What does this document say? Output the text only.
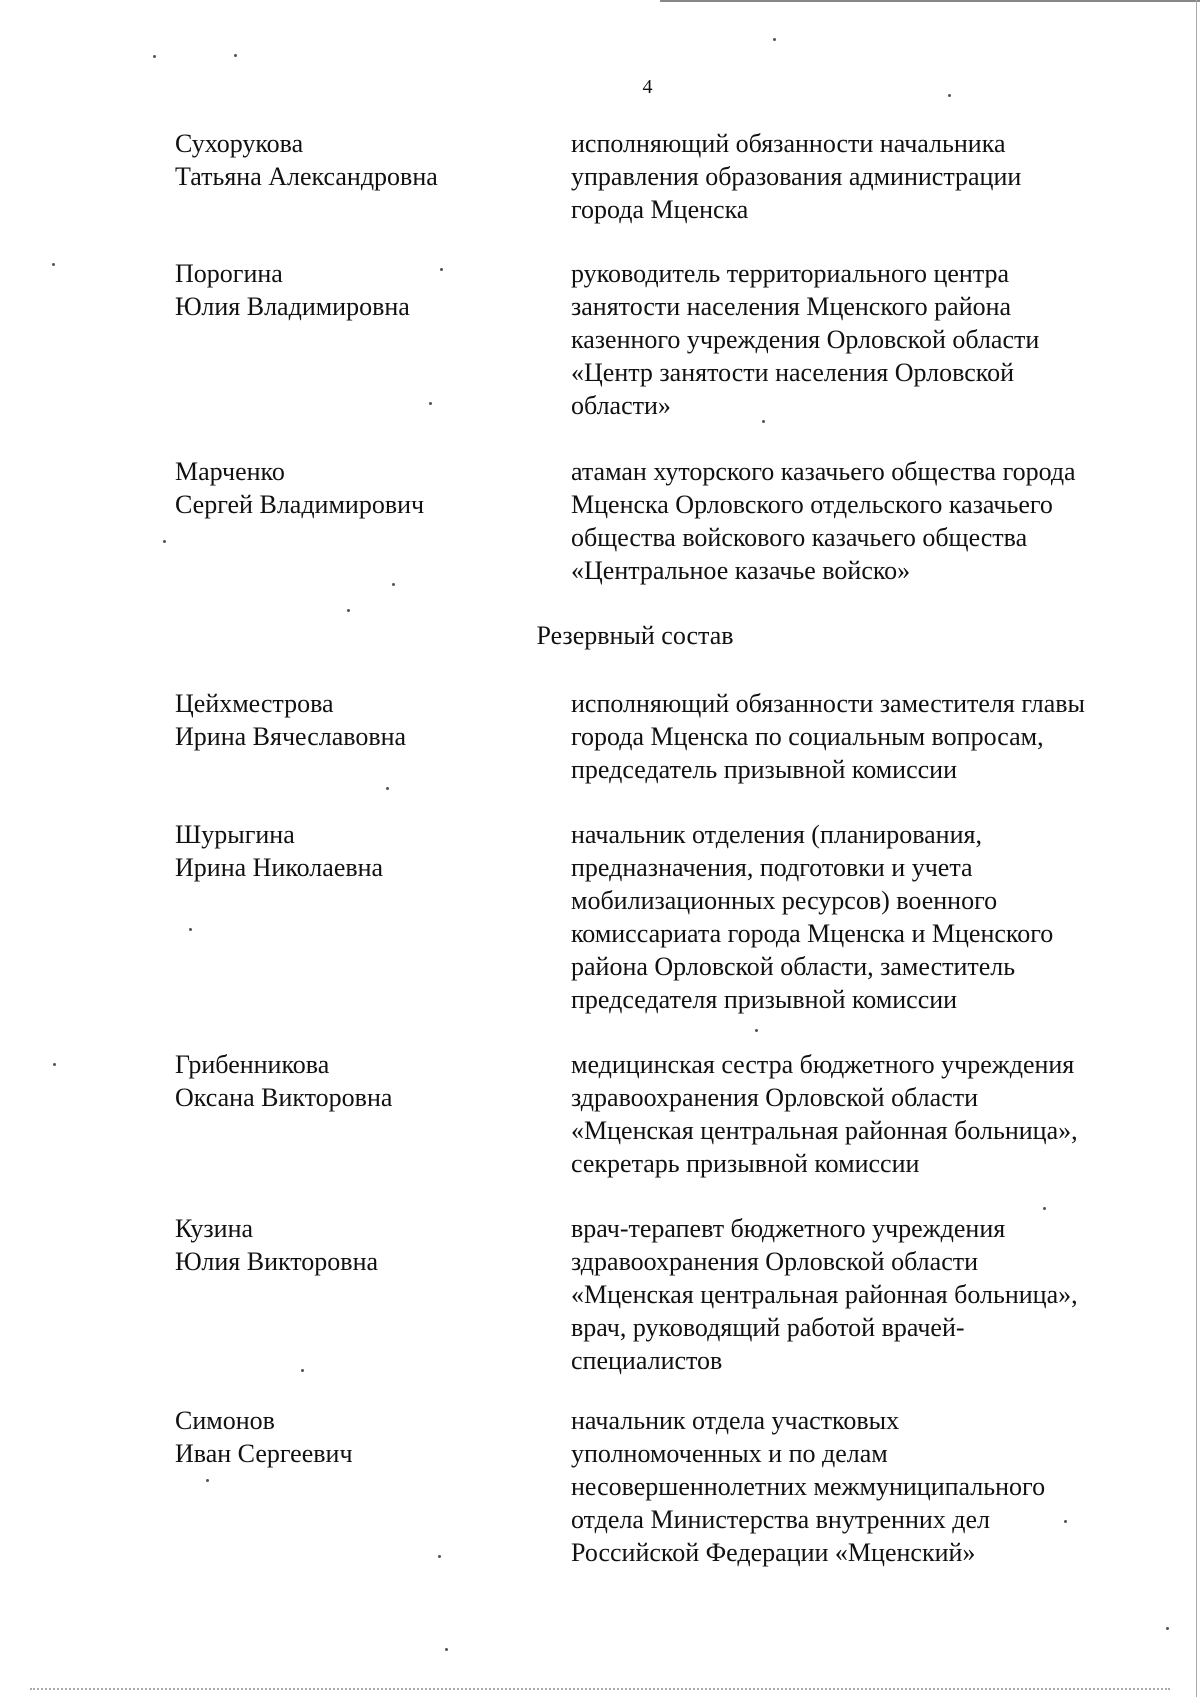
4
Сухорукова
Татьяна Александровна
исполняющий обязанности начальника
управления образования администрации
города Мценска
Порогина
Юлия Владимировна
руководитель территориального центра
занятости населения Мценского района
казенного учреждения Орловской области
«Центр занятости населения Орловской
области»
Марченко
Сергей Владимирович
атаман хуторского казачьего общества города
Мценска Орловского отдельского казачьего
общества войскового казачьего общества
«Центральное казачье войско»
Резервный состав
Цейхместрова
Ирина Вячеславовна
исполняющий обязанности заместителя главы
города Мценска по социальным вопросам,
председатель призывной комиссии
Шурыгина
Ирина Николаевна
начальник отделения (планирования,
предназначения, подготовки и учета
мобилизационных ресурсов) военного
комиссариата города Мценска и Мценского
района Орловской области, заместитель
председателя призывной комиссии
Грибенникова
Оксана Викторовна
медицинская сестра бюджетного учреждения
здравоохранения Орловской области
«Мценская центральная районная больница»,
секретарь призывной комиссии
Кузина
Юлия Викторовна
врач-терапевт бюджетного учреждения
здравоохранения Орловской области
«Мценская центральная районная больница»,
врач, руководящий работой врачей-
специалистов
Симонов
Иван Сергеевич
начальник отдела участковых
уполномоченных и по делам
несовершеннолетних межмуниципального
отдела Министерства внутренних дел
Российской Федерации «Мценский»
